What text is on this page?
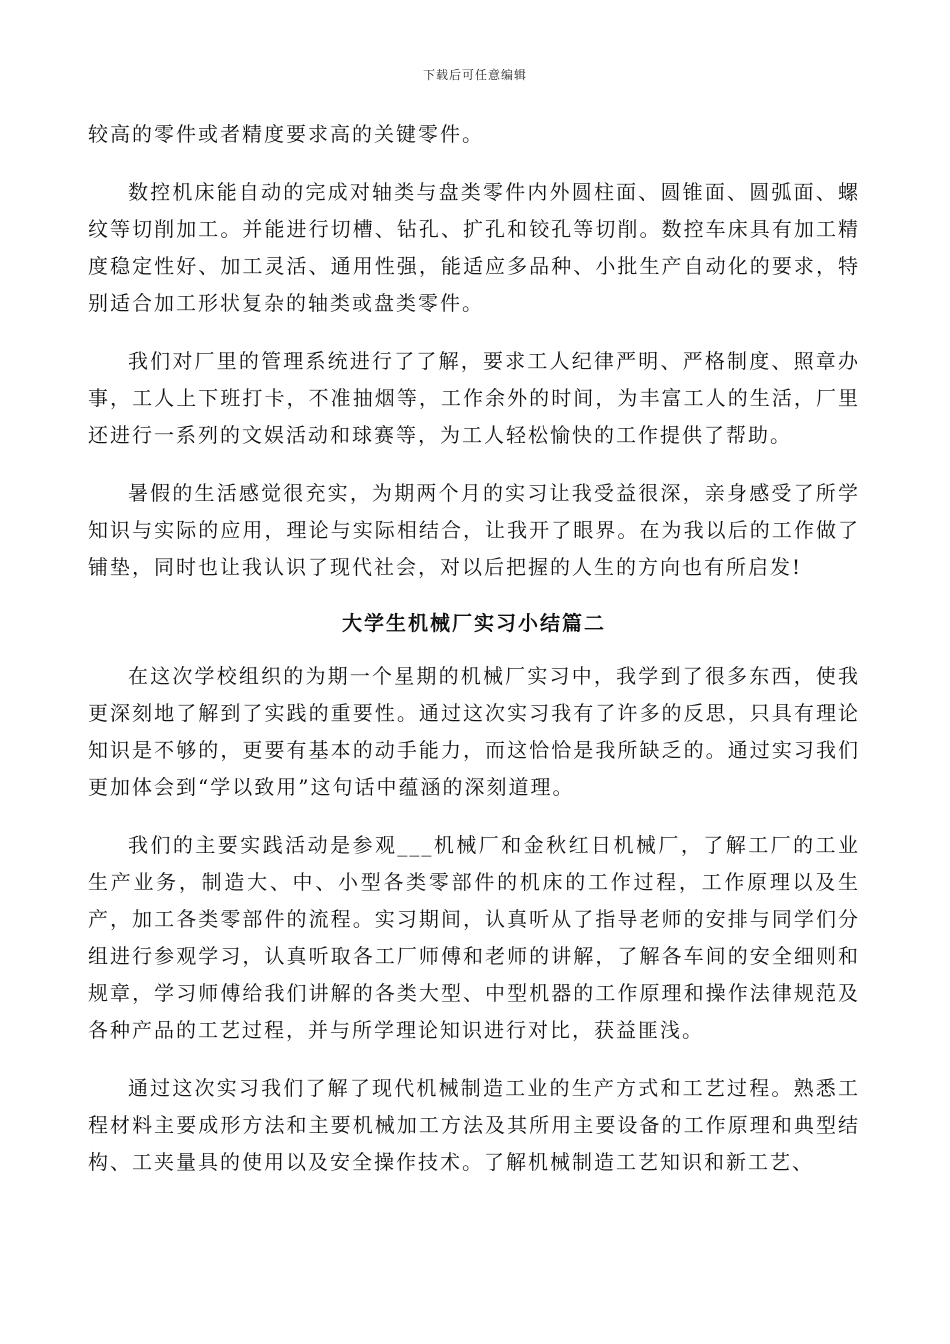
下载后可任意编辑

较高的零件或者精度要求高的关键零件。

数控机床能自动的完成对轴类与盘类零件内外圆柱面、圆锥面、圆弧面、螺纹等切削加工。并能进行切槽、钻孔、扩孔和铰孔等切削。数控车床具有加工精度稳定性好、加工灵活、通用性强，能适应多品种、小批生产自动化的要求，特别适合加工形状复杂的轴类或盘类零件。

我们对厂里的管理系统进行了了解，要求工人纪律严明、严格制度、照章办事，工人上下班打卡，不准抽烟等，工作余外的时间，为丰富工人的生活，厂里还进行一系列的文娱活动和球赛等，为工人轻松愉快的工作提供了帮助。

暑假的生活感觉很充实，为期两个月的实习让我受益很深，亲身感受了所学知识与实际的应用，理论与实际相结合，让我开了眼界。在为我以后的工作做了铺垫，同时也让我认识了现代社会，对以后把握的人生的方向也有所启发!

大学生机械厂实习小结篇二

在这次学校组织的为期一个星期的机械厂实习中，我学到了很多东西，使我更深刻地了解到了实践的重要性。通过这次实习我有了许多的反思，只具有理论知识是不够的，更要有基本的动手能力，而这恰恰是我所缺乏的。通过实习我们更加体会到“学以致用”这句话中蕴涵的深刻道理。

我们的主要实践活动是参观___机械厂和金秋红日机械厂，了解工厂的工业生产业务，制造大、中、小型各类零部件的机床的工作过程，工作原理以及生产，加工各类零部件的流程。实习期间，认真听从了指导老师的安排与同学们分组进行参观学习，认真听取各工厂师傅和老师的讲解，了解各车间的安全细则和规章，学习师傅给我们讲解的各类大型、中型机器的工作原理和操作法律规范及各种产品的工艺过程，并与所学理论知识进行对比，获益匪浅。

通过这次实习我们了解了现代机械制造工业的生产方式和工艺过程。熟悉工程材料主要成形方法和主要机械加工方法及其所用主要设备的工作原理和典型结构、工夹量具的使用以及安全操作技术。了解机械制造工艺知识和新工艺、
